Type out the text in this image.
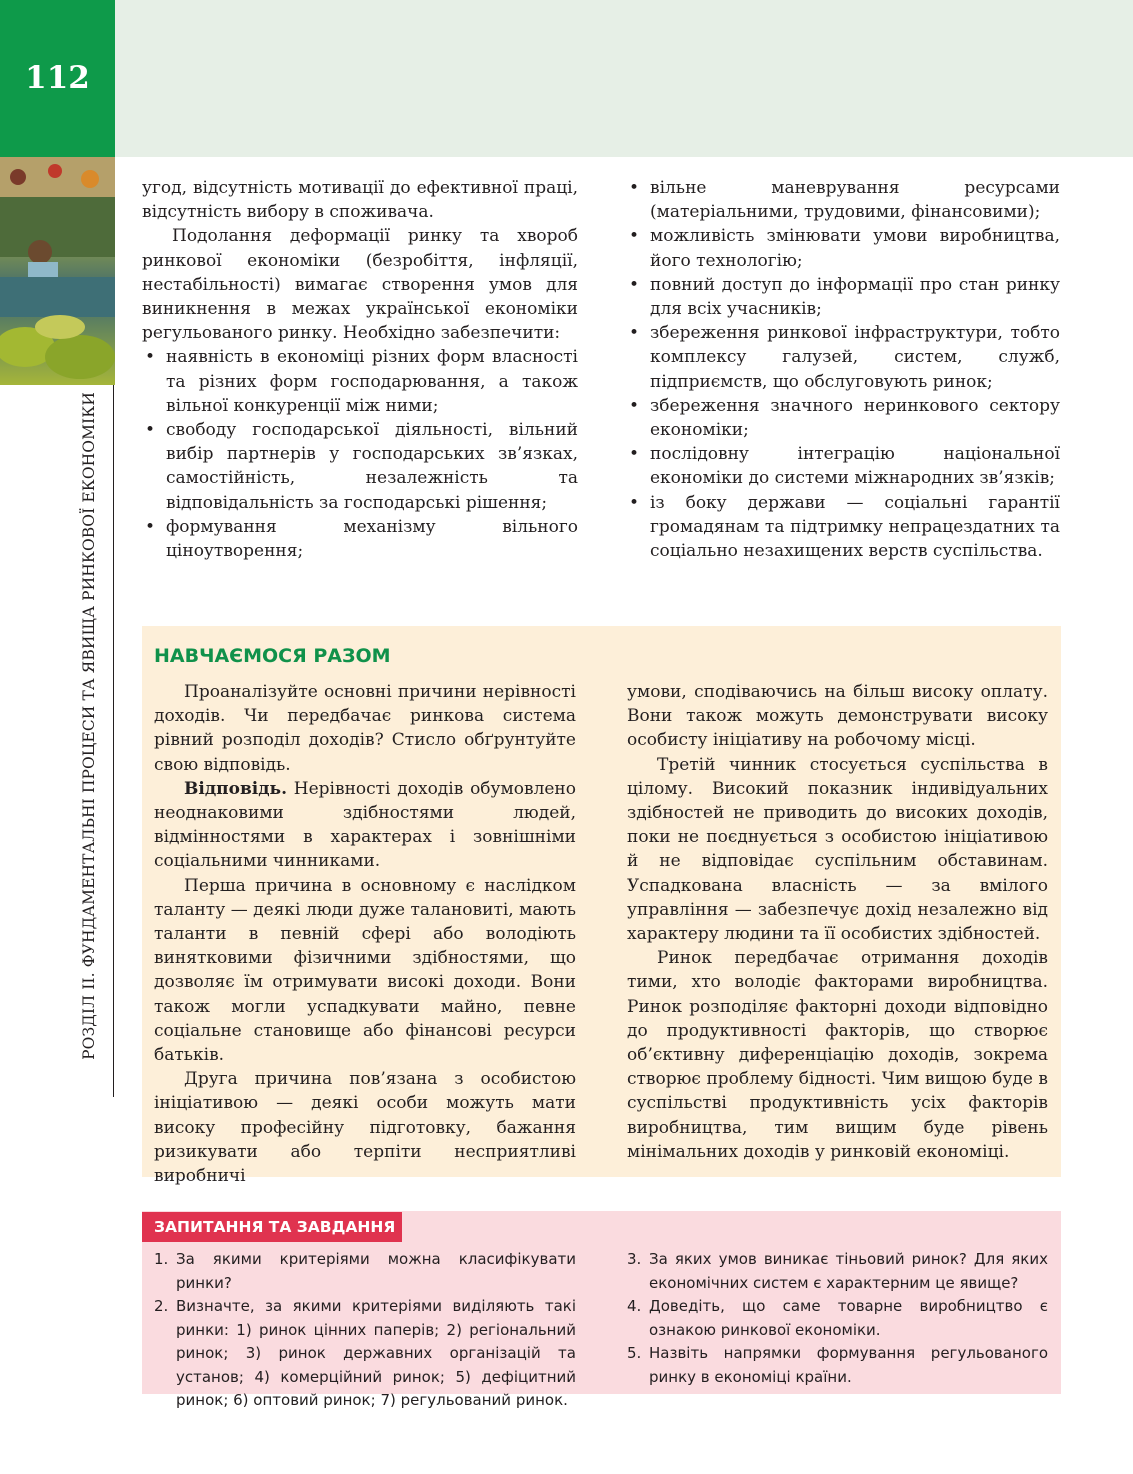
112
РОЗДІЛ II. ФУНДАМЕНТАЛЬНІ ПРОЦЕСИ ТА ЯВИЩА РИНКОВОЇ ЕКОНОМІКИ

угод, відсутність мотивації до ефективної праці, відсутність вибору в споживача.

Подолання деформації ринку та хвороб ринкової економіки (безробіття, інфляції, нестабільності) вимагає створення умов для виникнення в межах української економіки регульованого ринку. Необхідно забезпечити:

• наявність в економіці різних форм власності та різних форм господарювання, а також вільної конкуренції між ними;
• свободу господарської діяльності, вільний вибір партнерів у господарських зв’язках, самостійність, незалежність та відповідальність за господарські рішення;
• формування механізму вільного ціноутворення;
• вільне маневрування ресурсами (матеріальними, трудовими, фінансовими);
• можливість змінювати умови виробництва, його технологію;
• повний доступ до інформації про стан ринку для всіх учасників;
• збереження ринкової інфраструктури, тобто комплексу галузей, систем, служб, підприємств, що обслуговують ринок;
• збереження значного неринкового сектору економіки;
• послідовну інтеграцію національної економіки до системи міжнародних зв’язків;
• із боку держави — соціальні гарантії громадянам та підтримку непрацездатних та соціально незахищених верств суспільства.
НАВЧАЄМОСЯ РАЗОМ

Проаналізуйте основні причини нерівності доходів. Чи передбачає ринкова система рівний розподіл доходів? Стисло обґрунтуйте свою відповідь.

Відповідь. Нерівності доходів обумовлено неоднаковими здібностями людей, відмінностями в характерах і зовнішніми соціальними чинниками.

Перша причина в основному є наслідком таланту — деякі люди дуже талановиті, мають таланти в певній сфері або володіють винятковими фізичними здібностями, що дозволяє їм отримувати високі доходи. Вони також могли успадкувати майно, певне соціальне становище або фінансові ресурси батьків.

Друга причина пов’язана з особистою ініціативою — деякі особи можуть мати високу професійну підготовку, бажання ризикувати або терпіти несприятливі виробничі

умови, сподіваючись на більш високу оплату. Вони також можуть демонструвати високу особисту ініціативу на робочому місці.

Третій чинник стосується суспільства в цілому. Високий показник індивідуальних здібностей не приводить до високих доходів, поки не поєднується з особистою ініціативою й не відповідає суспільним обставинам. Успадкована власність — за вмілого управління — забезпечує дохід незалежно від характеру людини та її особистих здібностей.

Ринок передбачає отримання доходів тими, хто володіє факторами виробництва. Ринок розподіляє факторні доходи відповідно до продуктивності факторів, що створює об’єктивну диференціацію доходів, зокрема створює проблему бідності. Чим вищою буде в суспільстві продуктивність усіх факторів виробництва, тим вищим буде рівень мінімальних доходів у ринковій економіці.

ЗАПИТАННЯ ТА ЗАВДАННЯ
1. За якими критеріями можна класифікувати ринки?
2. Визначте, за якими критеріями виділяють такі ринки: 1) ринок цінних паперів; 2) регіональний ринок; 3) ринок державних організацій та установ; 4) комерційний ринок; 5) дефіцитний ринок; 6) оптовий ринок; 7) регульований ринок.
3. За яких умов виникає тіньовий ринок? Для яких економічних систем є характерним це явище?
4. Доведіть, що саме товарне виробництво є ознакою ринкової економіки.
5. Назвіть напрямки формування регульованого ринку в економіці країни.
